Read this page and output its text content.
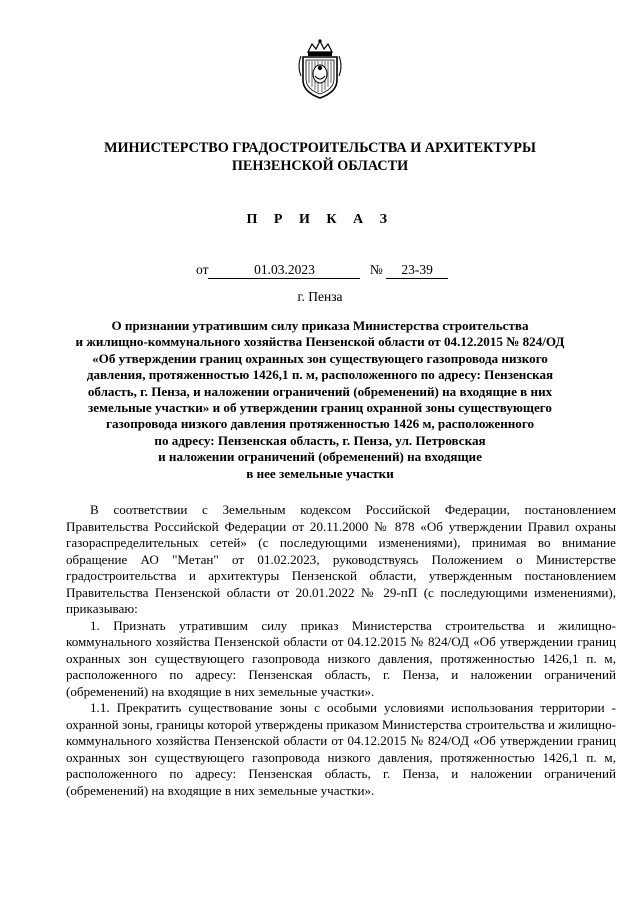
МИНИСТЕРСТВО ГРАДОСТРОИТЕЛЬСТВА И АРХИТЕКТУРЫ
ПЕНЗЕНСКОЙ ОБЛАСТИ
П Р И К А З
от	01.03.2023	№ 23-39
г. Пенза
О признании утратившим силу приказа Министерства строительства
и жилищно-коммунального хозяйства Пензенской области от 04.12.2015 № 824/ОД
«Об утверждении границ охранных зон существующего газопровода низкого
давления, протяженностью 1426,1 п. м, расположенного по адресу: Пензенская
область, г. Пенза, и наложении ограничений (обременений) на входящие в них
земельные участки» и об утверждении границ охранной зоны существующего
газопровода низкого давления протяженностью 1426 м, расположенного
по адресу: Пензенская область, г. Пенза, ул. Петровская
и наложении ограничений (обременений) на входящие
в нее земельные участки

В соответствии с Земельным кодексом Российской Федерации, постановлением Правительства Российской Федерации от 20.11.2000 № 878 «Об утверждении Правил охраны газораспределительных сетей» (с последующими изменениями), принимая во внимание обращение АО "Метан" от 01.02.2023, руководствуясь Положением о Министерстве градостроительства и архитектуры Пензенской области, утвержденным постановлением Правительства Пензенской области от 20.01.2022 № 29-пП (с последующими изменениями), приказываю:

1. Признать утратившим силу приказ Министерства строительства и жилищно-коммунального хозяйства Пензенской области от 04.12.2015 № 824/ОД «Об утверждении границ охранных зон существующего газопровода низкого давления, протяженностью 1426,1 п. м, расположенного по адресу: Пензенская область, г. Пенза, и наложении ограничений (обременений) на входящие в них земельные участки».

1.1. Прекратить существование зоны с особыми условиями использования территории - охранной зоны, границы которой утверждены приказом Министерства строительства и жилищно-коммунального хозяйства Пензенской области от 04.12.2015 № 824/ОД «Об утверждении границ охранных зон существующего газопровода низкого давления, протяженностью 1426,1 п. м, расположенного по адресу: Пензенская область, г. Пенза, и наложении ограничений (обременений) на входящие в них земельные участки».
